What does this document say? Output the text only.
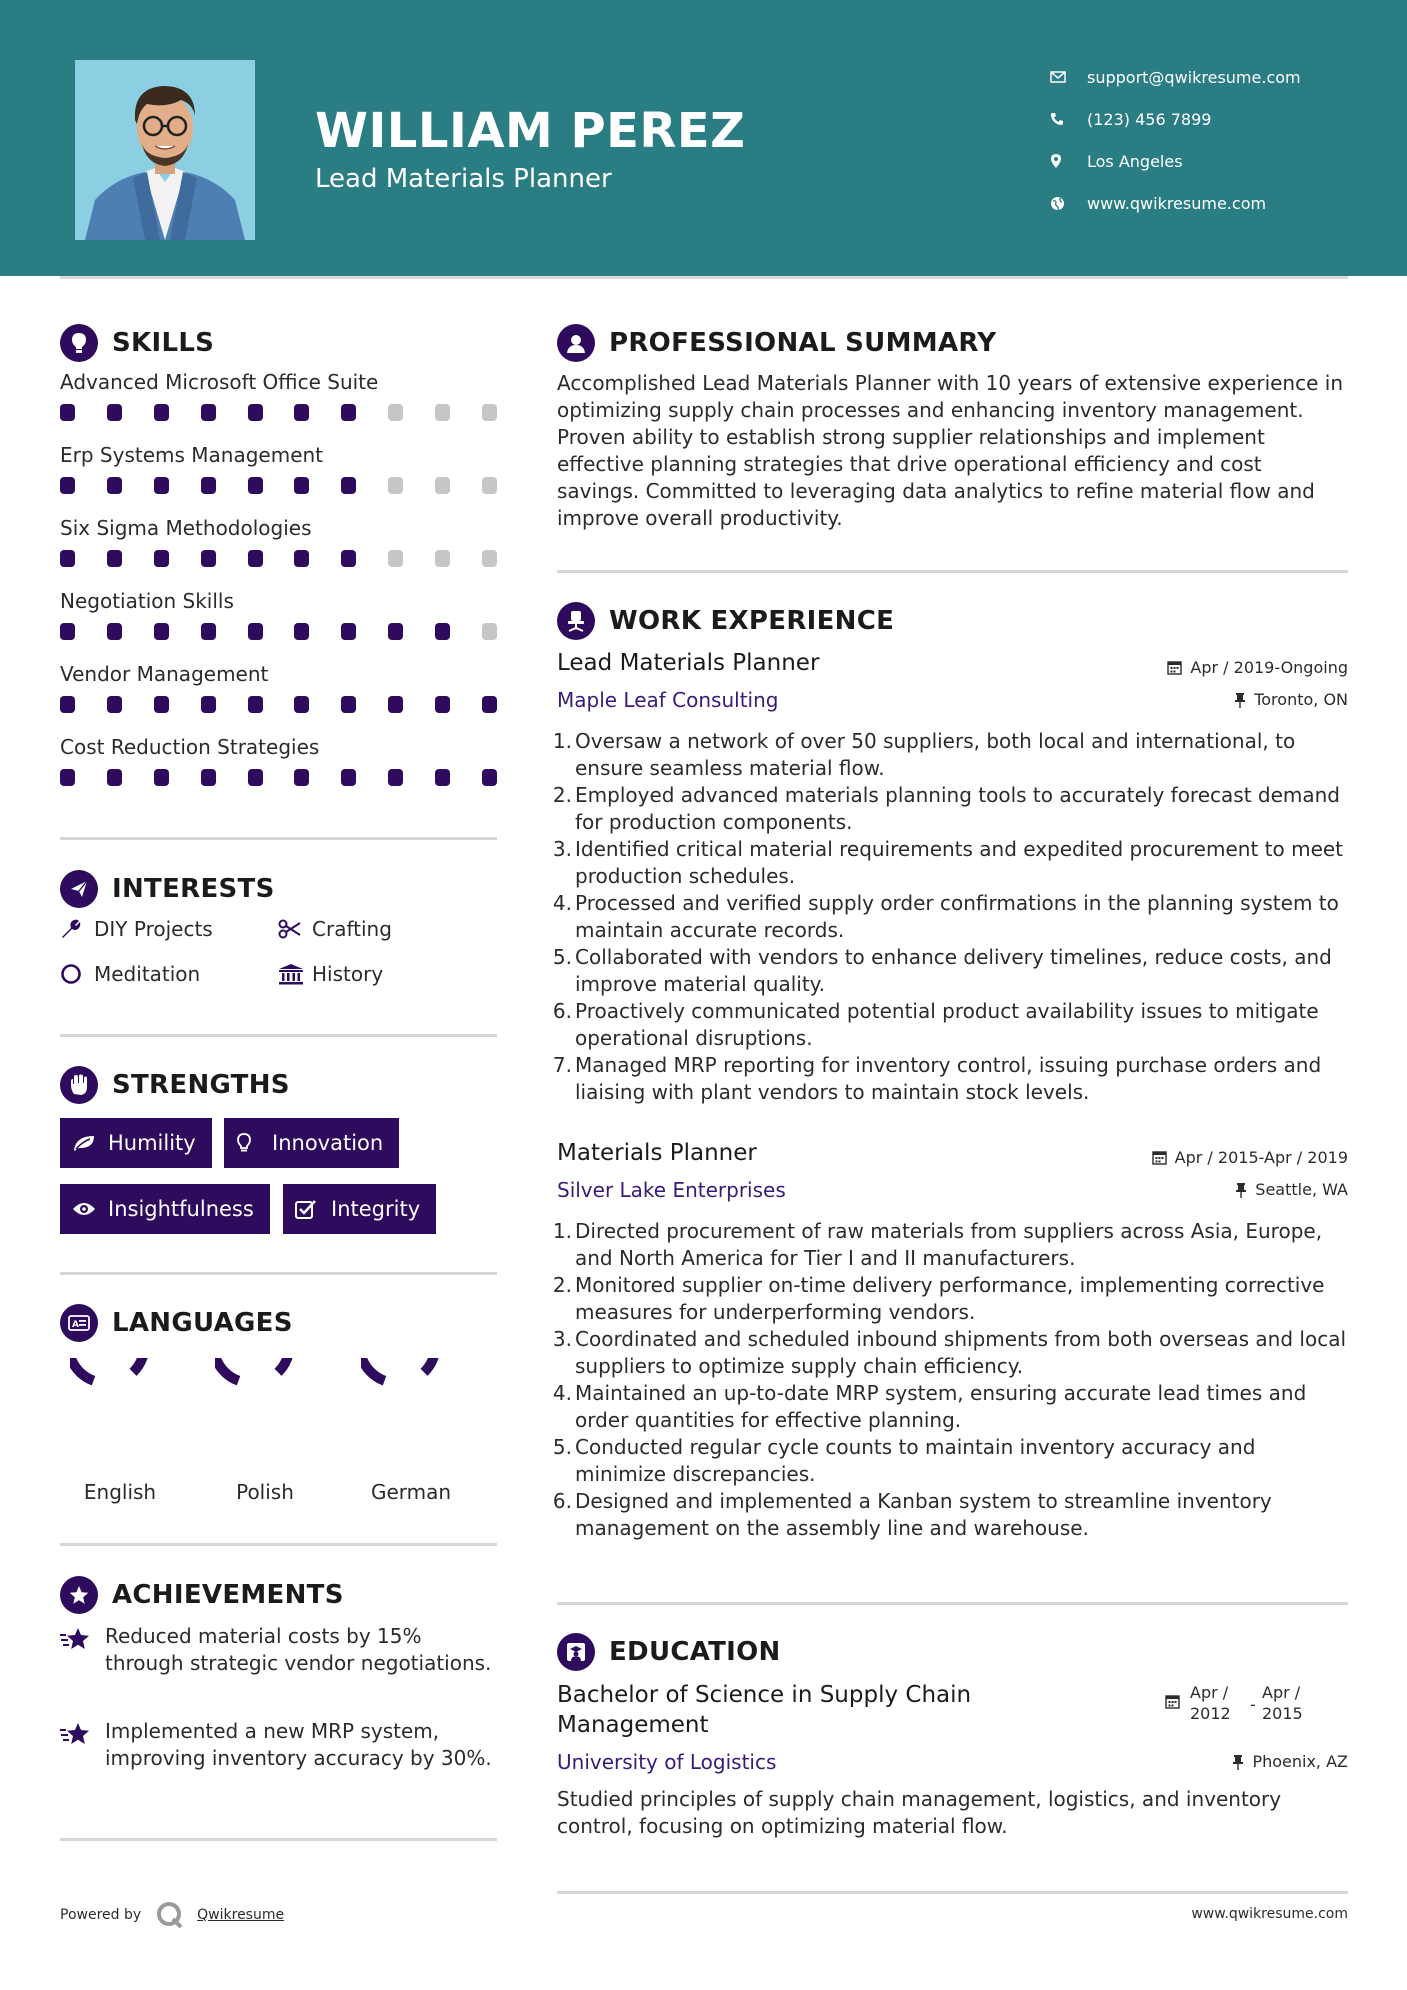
WILLIAM PEREZ
Lead Materials Planner
support@qwikresume.com
(123) 456 7899
Los Angeles
www.qwikresume.com
SKILLS
Advanced Microsoft Office Suite
Erp Systems Management
Six Sigma Methodologies
Negotiation Skills
Vendor Management
Cost Reduction Strategies
INTERESTS
DIY Projects	Crafting
Meditation	History
STRENGTHS
Humility	Innovation
Insightfulness	Integrity
A LANGUAGES
English	Polish	German
ACHIEVEMENTS
Reduced material costs by 15% through strategic vendor negotiations.
Implemented a new MRP system, improving inventory accuracy by 30%.
PROFESSIONAL SUMMARY
Accomplished Lead Materials Planner with 10 years of extensive experience in optimizing supply chain processes and enhancing inventory management. Proven ability to establish strong supplier relationships and implement effective planning strategies that drive operational efficiency and cost savings. Committed to leveraging data analytics to refine material flow and improve overall productivity.
WORK EXPERIENCE
Lead Materials Planner	Apr / 2019-Ongoing
Maple Leaf Consulting	Toronto, ON
1. Oversaw a network of over 50 suppliers, both local and international, to ensure seamless material flow.
2. Employed advanced materials planning tools to accurately forecast demand for production components.
3. Identified critical material requirements and expedited procurement to meet production schedules.
4. Processed and verified supply order confirmations in the planning system to maintain accurate records.
5. Collaborated with vendors to enhance delivery timelines, reduce costs, and improve material quality.
6. Proactively communicated potential product availability issues to mitigate operational disruptions.
7. Managed MRP reporting for inventory control, issuing purchase orders and liaising with plant vendors to maintain stock levels.
Materials Planner	Apr / 2015-Apr / 2019
Silver Lake Enterprises	Seattle, WA
1. Directed procurement of raw materials from suppliers across Asia, Europe, and North America for Tier I and II manufacturers.
2. Monitored supplier on-time delivery performance, implementing corrective measures for underperforming vendors.
3. Coordinated and scheduled inbound shipments from both overseas and local suppliers to optimize supply chain efficiency.
4. Maintained an up-to-date MRP system, ensuring accurate lead times and order quantities for effective planning.
5. Conducted regular cycle counts to maintain inventory accuracy and minimize discrepancies.
6. Designed and implemented a Kanban system to streamline inventory management on the assembly line and warehouse.
EDUCATION
Bachelor of Science in Supply Chain Management
Apr /
2012	-
Apr /
2015
University of Logistics	Phoenix, AZ
Studied principles of supply chain management, logistics, and inventory control, focusing on optimizing material flow.
Powered by	Qwikresume	www.qwikresume.com
